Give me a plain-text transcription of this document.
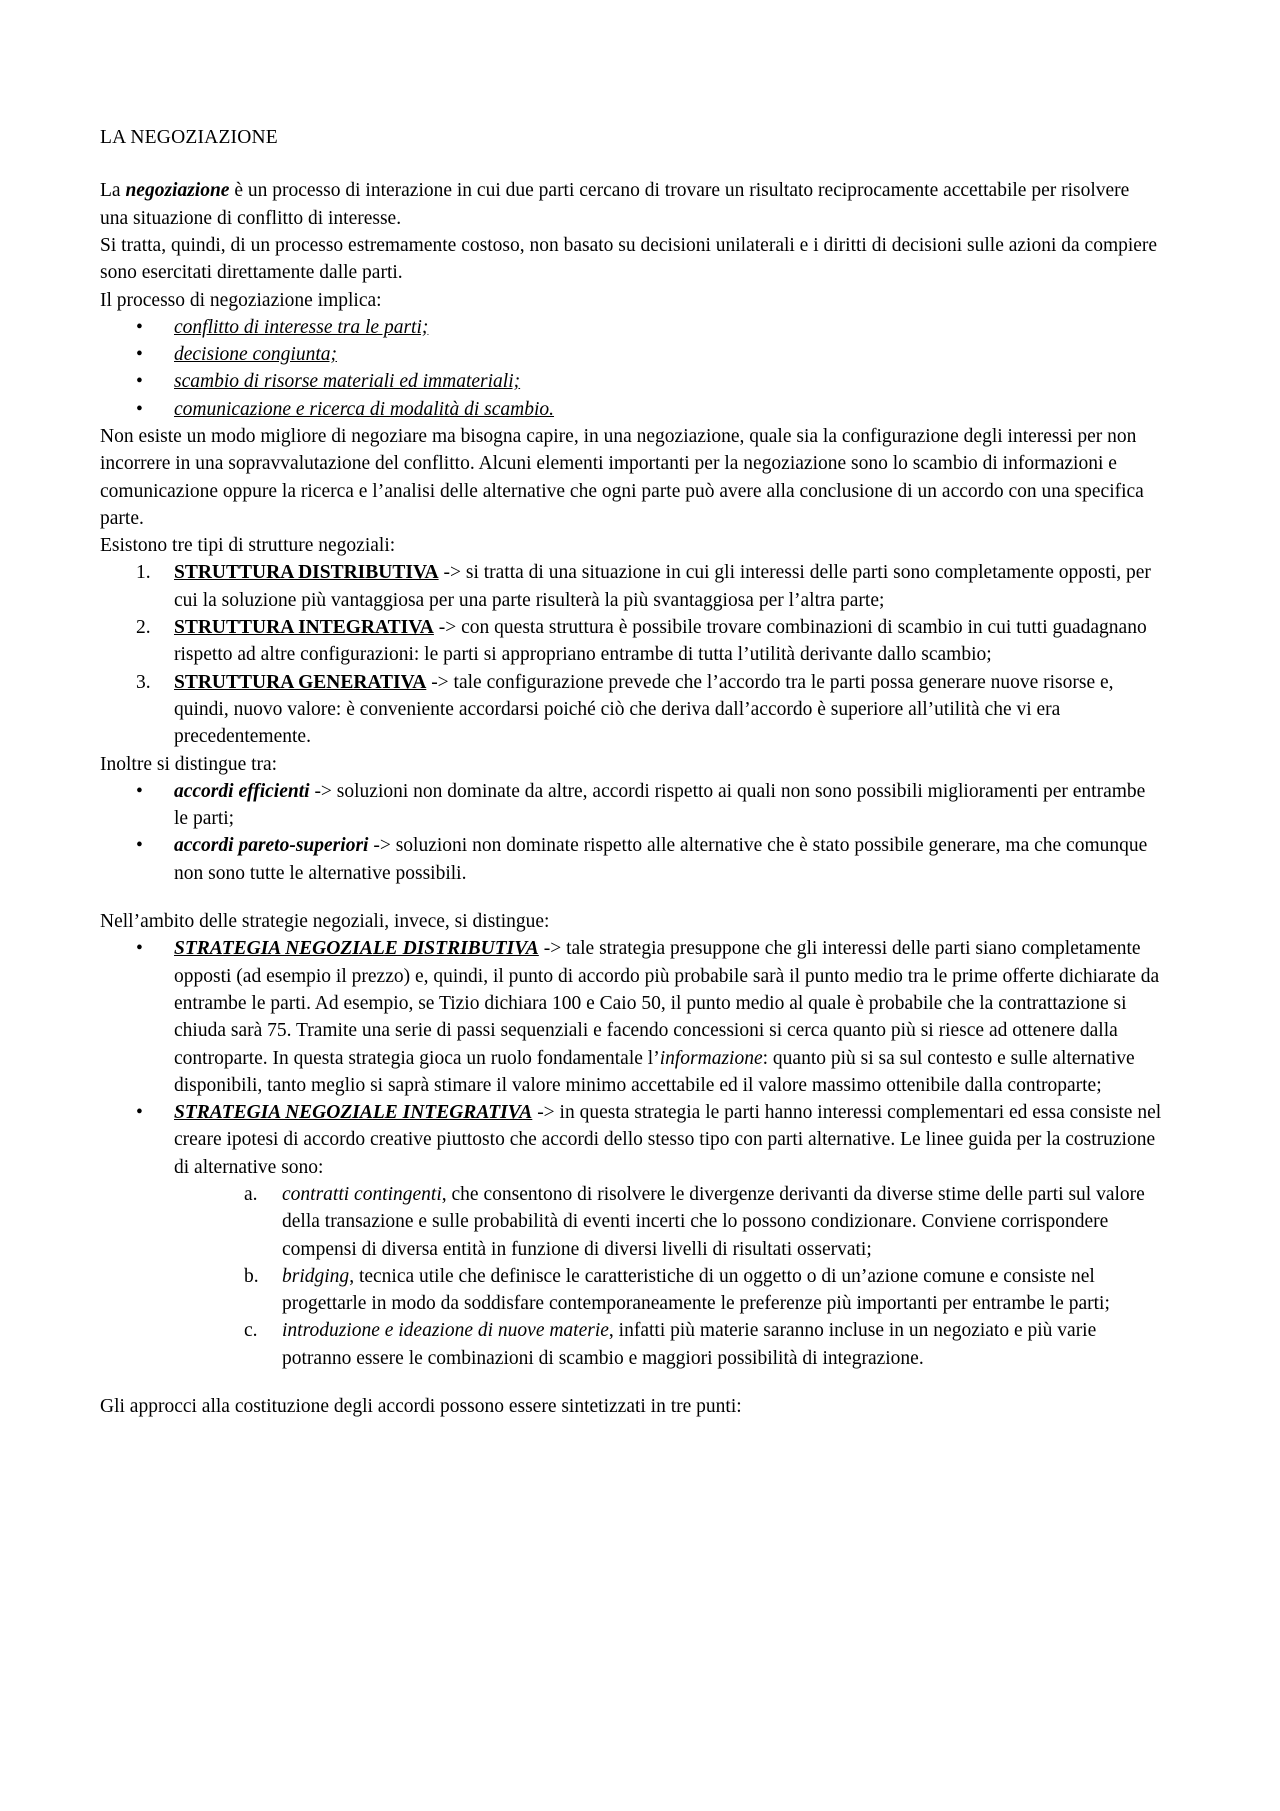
LA NEGOZIAZIONE

La negoziazione è un processo di interazione in cui due parti cercano di trovare un risultato reciprocamente accettabile per risolvere una situazione di conflitto di interesse.

Si tratta, quindi, di un processo estremamente costoso, non basato su decisioni unilaterali e i diritti di decisioni sulle azioni da compiere sono esercitati direttamente dalle parti.

Il processo di negoziazione implica:

•	conflitto di interesse tra le parti;
•	decisione congiunta;
•	scambio di risorse materiali ed immateriali;
•	comunicazione e ricerca di modalità di scambio.

Non esiste un modo migliore di negoziare ma bisogna capire, in una negoziazione, quale sia la configurazione degli interessi per non incorrere in una sopravvalutazione del conflitto. Alcuni elementi importanti per la negoziazione sono lo scambio di informazioni e comunicazione oppure la ricerca e l’analisi delle alternative che ogni parte può avere alla conclusione di un accordo con una specifica parte.

Esistono tre tipi di strutture negoziali:

1.	STRUTTURA DISTRIBUTIVA -> si tratta di una situazione in cui gli interessi delle parti sono completamente opposti, per cui la soluzione più vantaggiosa per una parte risulterà la più svantaggiosa per l’altra parte;
2.	STRUTTURA INTEGRATIVA -> con questa struttura è possibile trovare combinazioni di scambio in cui tutti guadagnano rispetto ad altre configurazioni: le parti si appropriano entrambe di tutta l’utilità derivante dallo scambio;
3.	STRUTTURA GENERATIVA -> tale configurazione prevede che l’accordo tra le parti possa generare nuove risorse e, quindi, nuovo valore: è conveniente accordarsi poiché ciò che deriva dall’accordo è superiore all’utilità che vi era precedentemente.

Inoltre si distingue tra:

•	accordi efficienti -> soluzioni non dominate da altre, accordi rispetto ai quali non sono possibili miglioramenti per entrambe le parti;
•	accordi pareto-superiori -> soluzioni non dominate rispetto alle alternative che è stato possibile generare, ma che comunque non sono tutte le alternative possibili.

Nell’ambito delle strategie negoziali, invece, si distingue:

•	STRATEGIA NEGOZIALE DISTRIBUTIVA -> tale strategia presuppone che gli interessi delle parti siano completamente opposti (ad esempio il prezzo) e, quindi, il punto di accordo più probabile sarà il punto medio tra le prime offerte dichiarate da entrambe le parti. Ad esempio, se Tizio dichiara 100 e Caio 50, il punto medio al quale è probabile che la contrattazione si chiuda sarà 75. Tramite una serie di passi sequenziali e facendo concessioni si cerca quanto più si riesce ad ottenere dalla controparte. In questa strategia gioca un ruolo fondamentale l’informazione: quanto più si sa sul contesto e sulle alternative disponibili, tanto meglio si saprà stimare il valore minimo accettabile ed il valore massimo ottenibile dalla controparte;
•	STRATEGIA NEGOZIALE INTEGRATIVA -> in questa strategia le parti hanno interessi complementari ed essa consiste nel creare ipotesi di accordo creative piuttosto che accordi dello stesso tipo con parti alternative. Le linee guida per la costruzione di alternative sono:
a.	contratti contingenti, che consentono di risolvere le divergenze derivanti da diverse stime delle parti sul valore della transazione e sulle probabilità di eventi incerti che lo possono condizionare. Conviene corrispondere compensi di diversa entità in funzione di diversi livelli di risultati osservati;
b.	bridging, tecnica utile che definisce le caratteristiche di un oggetto o di un’azione comune e consiste nel progettarle in modo da soddisfare contemporaneamente le preferenze più importanti per entrambe le parti;
c.	introduzione e ideazione di nuove materie, infatti più materie saranno incluse in un negoziato e più varie potranno essere le combinazioni di scambio e maggiori possibilità di integrazione.

Gli approcci alla costituzione degli accordi possono essere sintetizzati in tre punti:
